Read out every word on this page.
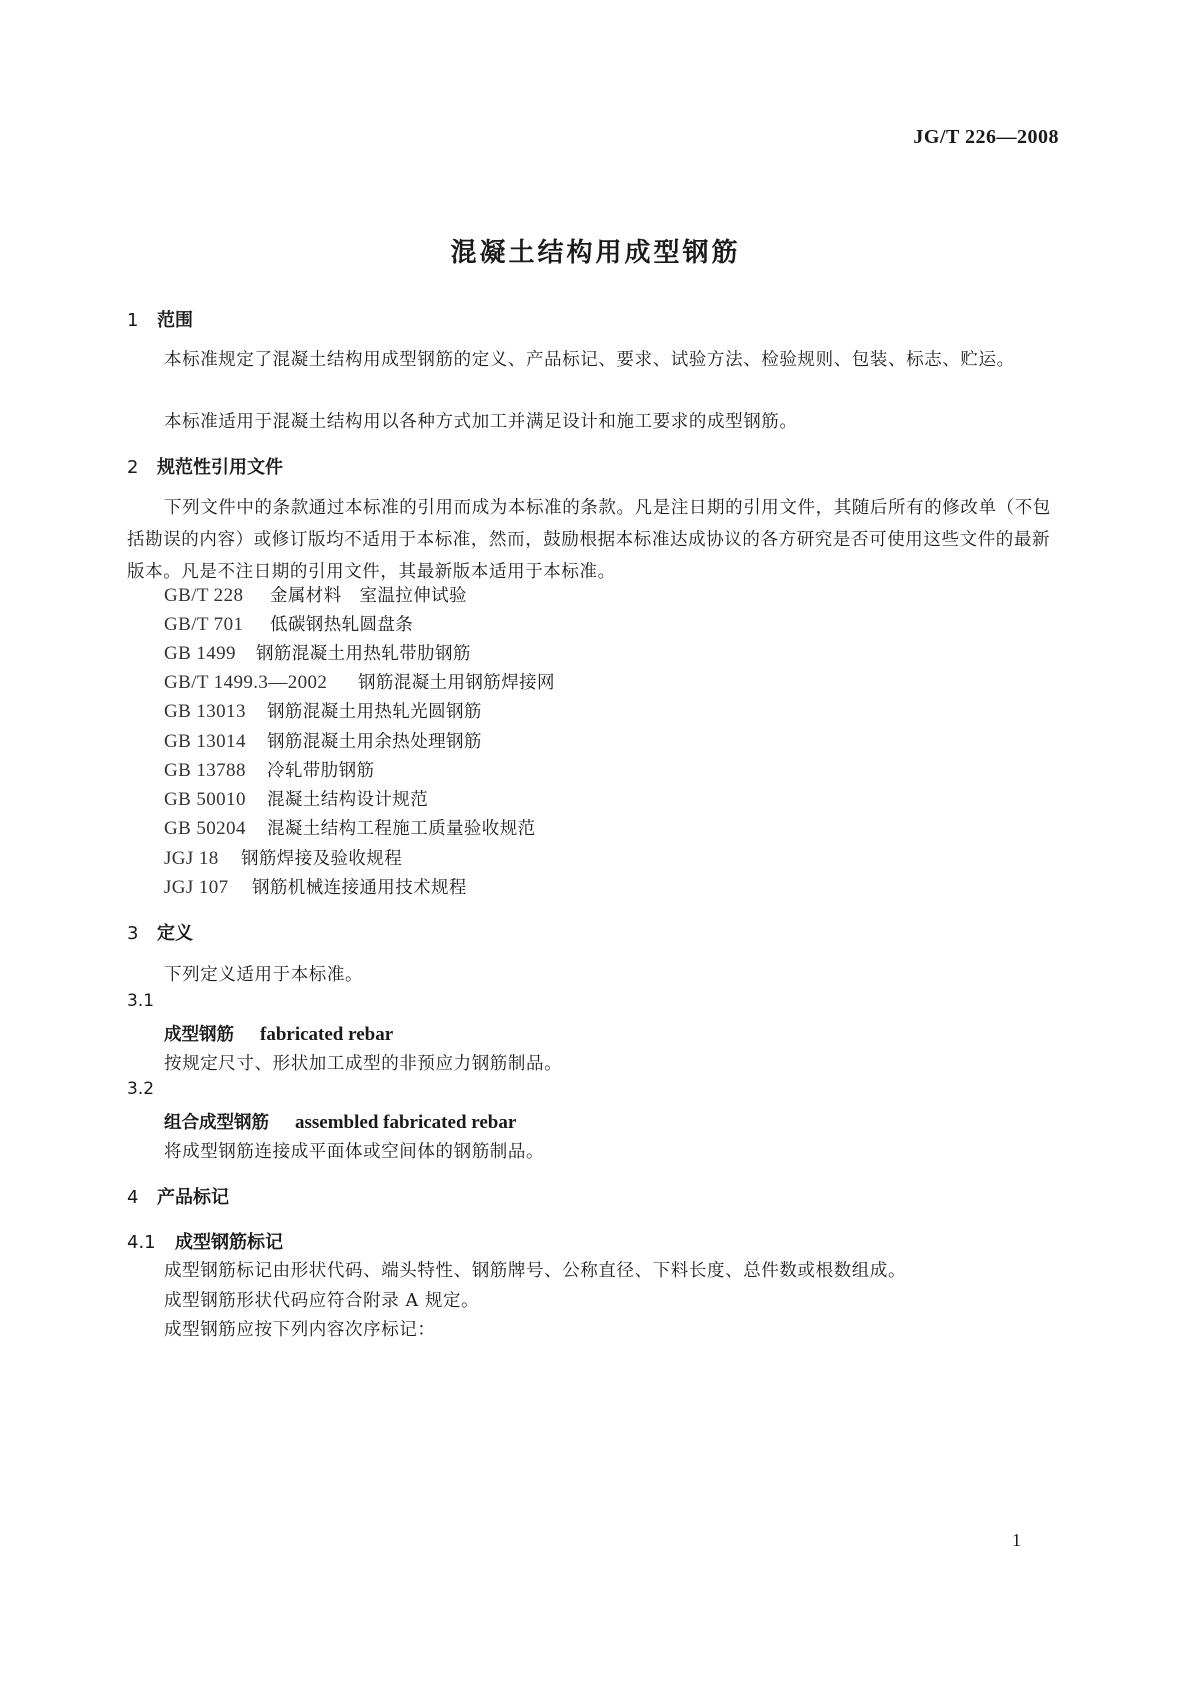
JG/T 226—2008
混凝土结构用成型钢筋
1 范围
本标准规定了混凝土结构用成型钢筋的定义、产品标记、要求、试验方法、检验规则、包装、标志、贮运。
本标准适用于混凝土结构用以各种方式加工并满足设计和施工要求的成型钢筋。
2 规范性引用文件
下列文件中的条款通过本标准的引用而成为本标准的条款。凡是注日期的引用文件，其随后所有的修改单（不包括勘误的内容）或修订版均不适用于本标准，然而，鼓励根据本标准达成协议的各方研究是否可使用这些文件的最新版本。凡是不注日期的引用文件，其最新版本适用于本标准。
GB/T 228 金属材料　室温拉伸试验
GB/T 701 低碳钢热轧圆盘条
GB 1499 钢筋混凝土用热轧带肋钢筋
GB/T 1499.3—2002 钢筋混凝土用钢筋焊接网
GB 13013 钢筋混凝土用热轧光圆钢筋
GB 13014 钢筋混凝土用余热处理钢筋
GB 13788 冷轧带肋钢筋
GB 50010 混凝土结构设计规范
GB 50204 混凝土结构工程施工质量验收规范
JGJ 18 钢筋焊接及验收规程
JGJ 107 钢筋机械连接通用技术规程
3 定义
下列定义适用于本标准。
3.1
成型钢筋 fabricated rebar
按规定尺寸、形状加工成型的非预应力钢筋制品。
3.2
组合成型钢筋 assembled fabricated rebar
将成型钢筋连接成平面体或空间体的钢筋制品。
4 产品标记
4.1 成型钢筋标记
成型钢筋标记由形状代码、端头特性、钢筋牌号、公称直径、下料长度、总件数或根数组成。
成型钢筋形状代码应符合附录 A 规定。
成型钢筋应按下列内容次序标记：
1
